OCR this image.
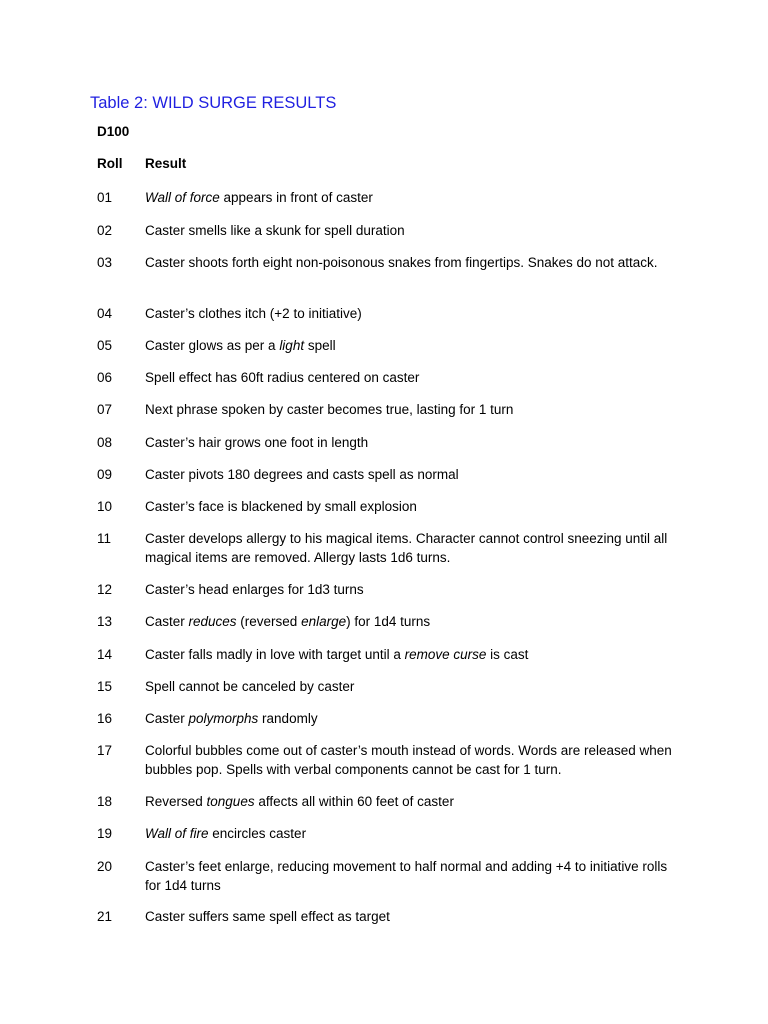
Table 2: WILD SURGE RESULTS
D100
Roll Result
01 Wall of force appears in front of caster
02 Caster smells like a skunk for spell duration
03 Caster shoots forth eight non-poisonous snakes from fingertips. Snakes do not attack.
04 Caster’s clothes itch (+2 to initiative)
05 Caster glows as per a light spell
06 Spell effect has 60ft radius centered on caster
07 Next phrase spoken by caster becomes true, lasting for 1 turn
08 Caster’s hair grows one foot in length
09 Caster pivots 180 degrees and casts spell as normal
10 Caster’s face is blackened by small explosion
11	Caster develops allergy to his magical items. Character cannot control sneezing until all magical items are removed. Allergy lasts 1d6 turns.
12 Caster’s head enlarges for 1d3 turns
13 Caster reduces (reversed enlarge) for 1d4 turns
14 Caster falls madly in love with target until a remove curse is cast
15 Spell cannot be canceled by caster
16 Caster polymorphs randomly
17 Colorful bubbles come out of caster’s mouth instead of words. Words are released when bubbles pop. Spells with verbal components cannot be cast for 1 turn.
18 Reversed tongues affects all within 60 feet of caster
19 Wall of fire encircles caster
20 Caster’s feet enlarge, reducing movement to half normal and adding +4 to initiative rolls for 1d4 turns
21 Caster suffers same spell effect as target
